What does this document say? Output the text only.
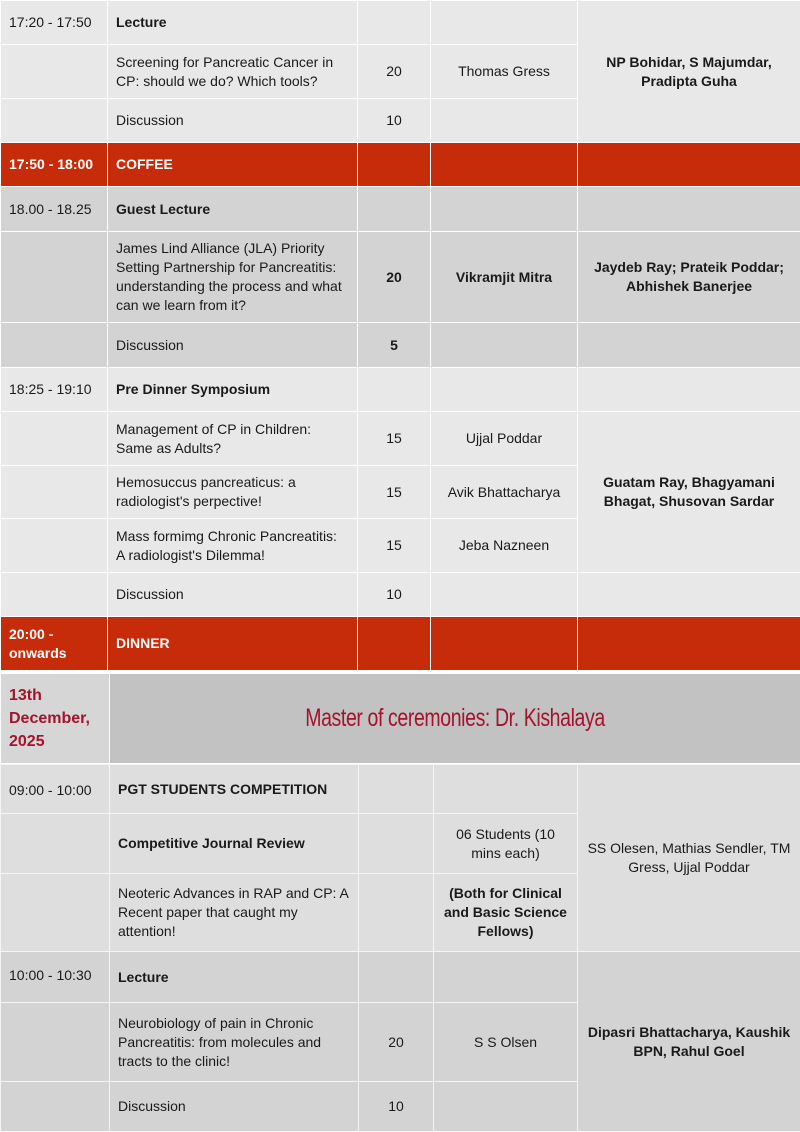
17:20 - 17:50	Lecture			NP Bohidar, S Majumdar, Pradipta Guha
	Screening for Pancreatic Cancer in CP: should we do? Which tools?	20	Thomas Gress	
	Discussion	10		
17:50 - 18:00	COFFEE			
18.00 - 18.25	Guest Lecture			
	James Lind Alliance (JLA) Priority Setting Partnership for Pancreatitis: understanding the process and what can we learn from it?	20	Vikramjit Mitra	Jaydeb Ray; Prateik Poddar; Abhishek Banerjee
	Discussion	5		
18:25 - 19:10	Pre Dinner Symposium			
	Management of CP in Children: Same as Adults?	15	Ujjal Poddar	Guatam Ray, Bhagyamani Bhagat, Shusovan Sardar
	Hemosuccus pancreaticus: a radiologist's perpective!	15	Avik Bhattacharya	
	Mass formimg Chronic Pancreatitis: A radiologist's Dilemma!	15	Jeba Nazneen	
	Discussion	10		
20:00 - onwards	DINNER			
13th December, 2025	Master of ceremonies: Dr. Kishalaya
09:00 - 10:00	PGT STUDENTS COMPETITION			SS Olesen, Mathias Sendler, TM Gress, Ujjal Poddar
	Competitive Journal Review		06 Students (10 mins each)	
	Neoteric Advances in RAP and CP: A Recent paper that caught my attention!		(Both for Clinical and Basic Science Fellows)	
10:00 - 10:30	Lecture			Dipasri Bhattacharya, Kaushik BPN, Rahul Goel
	Neurobiology of pain in Chronic Pancreatitis: from molecules and tracts to the clinic!	20	S S Olsen	
	Discussion	10		
